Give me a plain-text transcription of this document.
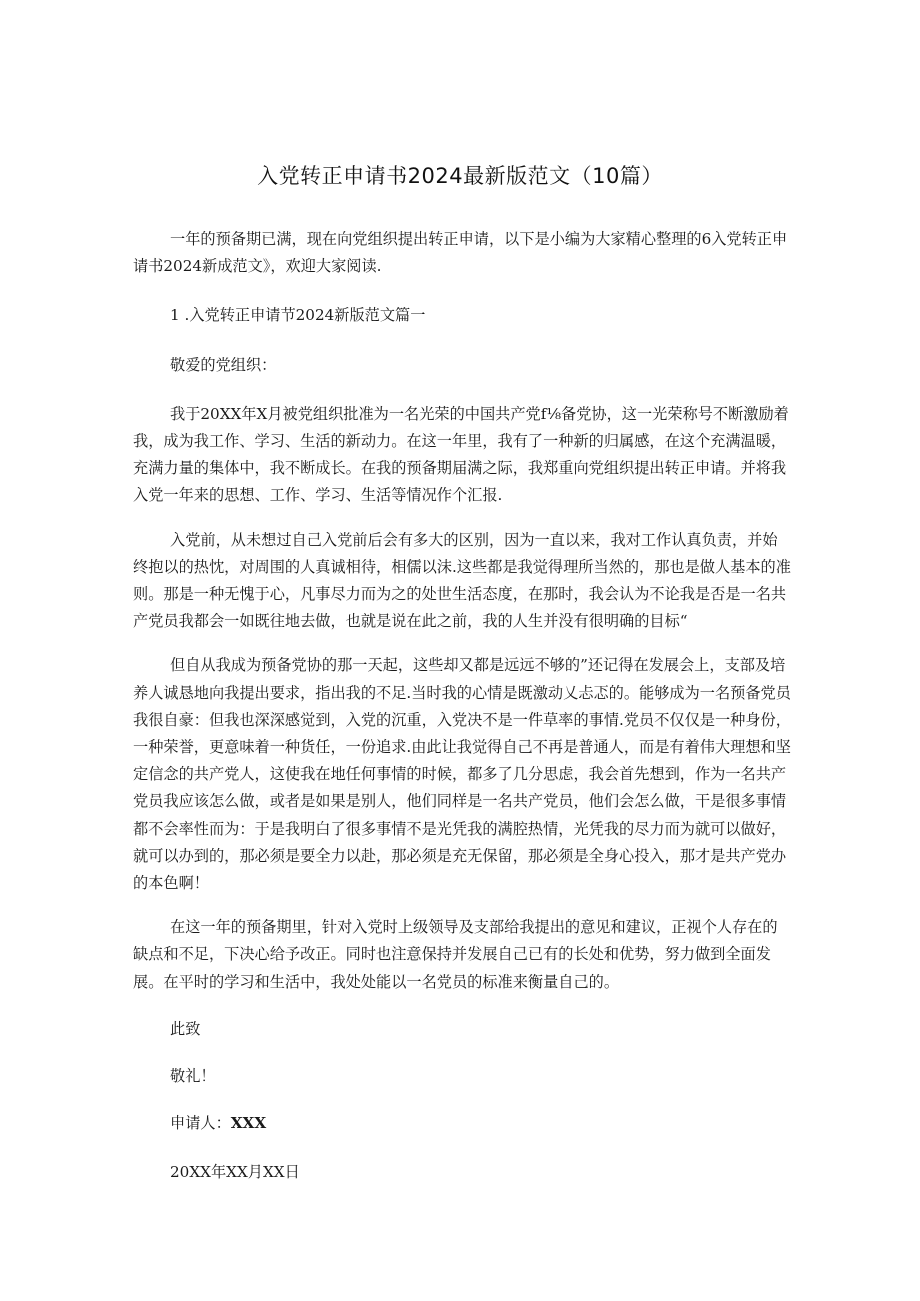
入党转正申请书2024最新版范文（10篇）

一年的预备期已满，现在向党组织提出转正申请，以下是小编为大家精心整理的6入党转正申请书2024新成范文》，欢迎大家阅读.

1 .入党转正申请节2024新版范文篇一

敬爱的党组织：

我于20XX年X月被党组织批准为一名光荣的中国共产党f⅛备党协，这一光荣称号不断激励着我，成为我工作、学习、生活的新动力。在这一年里，我有了一种新的归属感，在这个充满温暖，充满力量的集体中，我不断成长。在我的预备期届满之际，我郑重向党组织提出转正申请。并将我入党一年来的思想、工作、学习、生活等情况作个汇报.

入党前，从未想过自己入党前后会有多大的区别，因为一直以来，我对工作认真负责，并始终抱以的热忱，对周围的人真诚相待，相儒以沫.这些都是我觉得理所当然的，那也是做人基本的准则。那是一种无愧于心，凡事尽力而为之的处世生活态度，在那时，我会认为不论我是否是一名共产党员我都会一如既往地去做，也就是说在此之前，我的人生并没有很明确的目标“

但自从我成为预备党协的那一天起，这些却又都是远远不够的”还记得在发展会上，支部及培养人诚恳地向我提出要求，指出我的不足.当时我的心情是既激动乂忐忑的。能够成为一名预备党员我很自豪：但我也深深感觉到，入党的沉重，入党决不是一件草率的事情.党员不仅仅是一种身份，一种荣誉，更意味着一种货任，一份追求.由此让我觉得自己不再是普通人，而是有着伟大理想和坚定信念的共产党人，这使我在地任何事情的时候，都多了几分思虑，我会首先想到，作为一名共产党员我应该怎么做，或者是如果是别人，他们同样是一名共产党员，他们会怎么做，干是很多事情都不会率性而为：于是我明白了很多事情不是光凭我的满腔热情，光凭我的尽力而为就可以做好，就可以办到的，那必须是要全力以赴，那必须是充无保留，那必须是全身心投入，那才是共产党办的本色啊！

在这一年的预备期里，针对入党时上级领导及支部给我提出的意见和建议，正视个人存在的缺点和不足，下决心给予改正。同时也注意保持并发展自己已有的长处和优势，努力做到全面发展。在平时的学习和生活中，我处处能以一名党员的标准来衡量自己的。

此致

敬礼！

申请人：XXX

20XX年XX月XX日
